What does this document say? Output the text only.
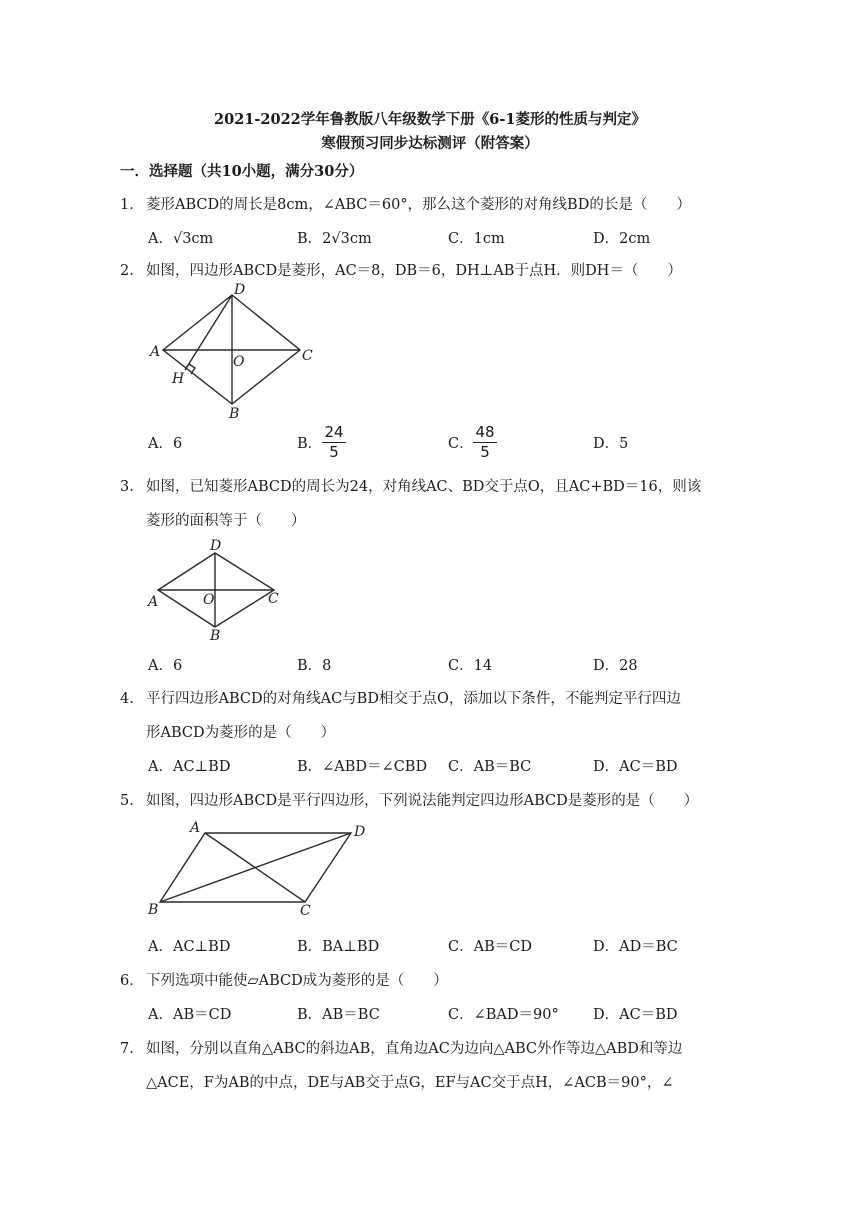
2021-2022学年鲁教版八年级数学下册《6-1菱形的性质与判定》
寒假预习同步达标测评（附答案）
一．选择题（共10小题，满分30分）
1． 菱形ABCD的周长是8cm，∠ABC＝60°，那么这个菱形的对角线BD的长是（　　）
A．√3cm	B．2√3cm	C．1cm	D．2cm
2． 如图，四边形ABCD是菱形，AC＝8，DB＝6，DH⊥AB于点H．则DH＝（　　）
A
B
C
D
O
H
A．6	B．
24
5	C．
48
5	D．5
3． 如图，已知菱形ABCD的周长为24，对角线AC、BD交于点O，且AC+BD＝16，则该
菱形的面积等于（　　）
A
B
C
D
O
A．6	B．8	C．14	D．28
4． 平行四边形ABCD的对角线AC与BD相交于点O，添加以下条件，不能判定平行四边
形ABCD为菱形的是（　　）
A．AC⊥BD	B．∠ABD＝∠CBD C．AB＝BC	D．AC＝BD
5． 如图，四边形ABCD是平行四边形，下列说法能判定四边形ABCD是菱形的是（　　）
A
B	C
D
A．AC⊥BD	B．BA⊥BD	C．AB＝CD	D．AD＝BC
6． 下列选项中能使▱ABCD成为菱形的是（　　）
A．AB＝CD	B．AB＝BC	C．∠BAD＝90° D．AC＝BD
7． 如图，分别以直角△ABC的斜边AB，直角边AC为边向△ABC外作等边△ABD和等边
△ACE，F为AB的中点，DE与AB交于点G，EF与AC交于点H，∠ACB＝90°，∠
